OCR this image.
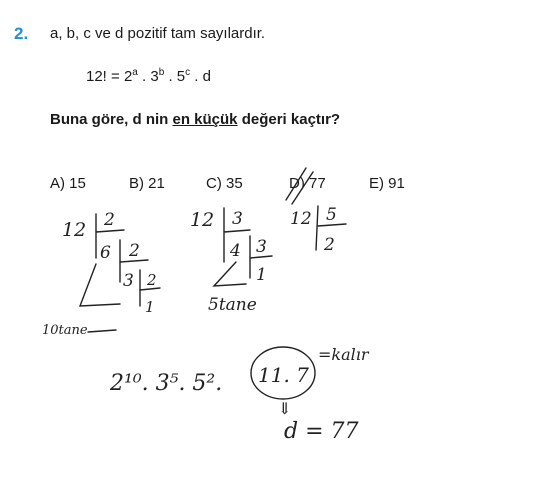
2. a, b, c ve d pozitif tam sayılardır.
12! = $2^a$ . 3$^b$ . 5$^c$ . d
Buna göre, d nin en küçük değeri kaçtır?
A) 15	B) 21	C) 35	D) 77	E) 91
12 2
6 2
3 2
1
10tane
12 3
4 3
1
5tane
12 5
2
2¹⁰. 3⁵. 5². 11. 7
=kalır
⇓
d = 77
